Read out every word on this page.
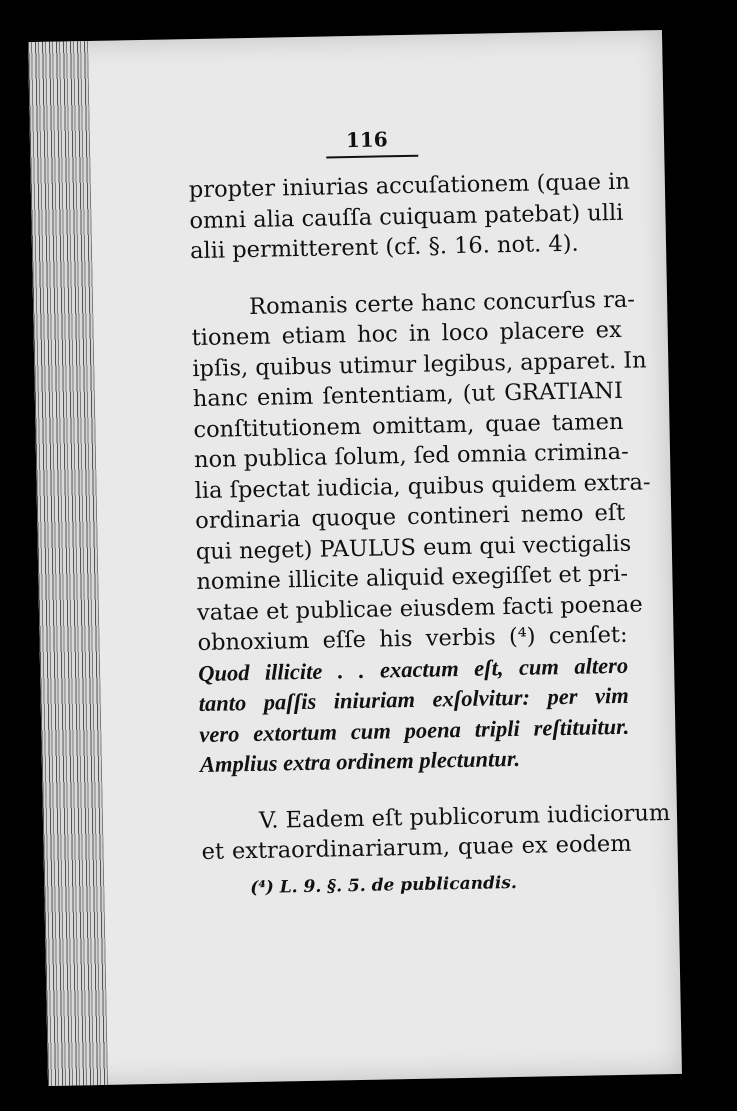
116
propter iniurias accuſationem (quae in
omni alia cauſſa cuiquam patebat) ulli
alii permitterent (cf. §. 16. not. 4).
Romanis certe hanc concurſus ra-
tionem etiam hoc in loco placere ex
ipſis, quibus utimur legibus, apparet. In
hanc enim ſententiam, (ut GRATIANI
conſtitutionem omittam, quae tamen
non publica ſolum, ſed omnia crimina-
lia ſpectat iudicia, quibus quidem extra-
ordinaria quoque contineri nemo eſt
qui neget) PAULUS eum qui vectigalis
nomine illicite aliquid exegiſſet et pri-
vatae et publicae eiusdem facti poenae
obnoxium eſſe his verbis (⁴) cenſet:
Quod illicite . . exactum eſt, cum altero
tanto paſſis iniuriam exſolvitur: per vim
vero extortum cum poena tripli reſtituitur.
Amplius extra ordinem plectuntur.
V. Eadem eſt publicorum iudiciorum
et extraordinariarum, quae ex eodem
(⁴) L. 9. §. 5. de publicandis.
